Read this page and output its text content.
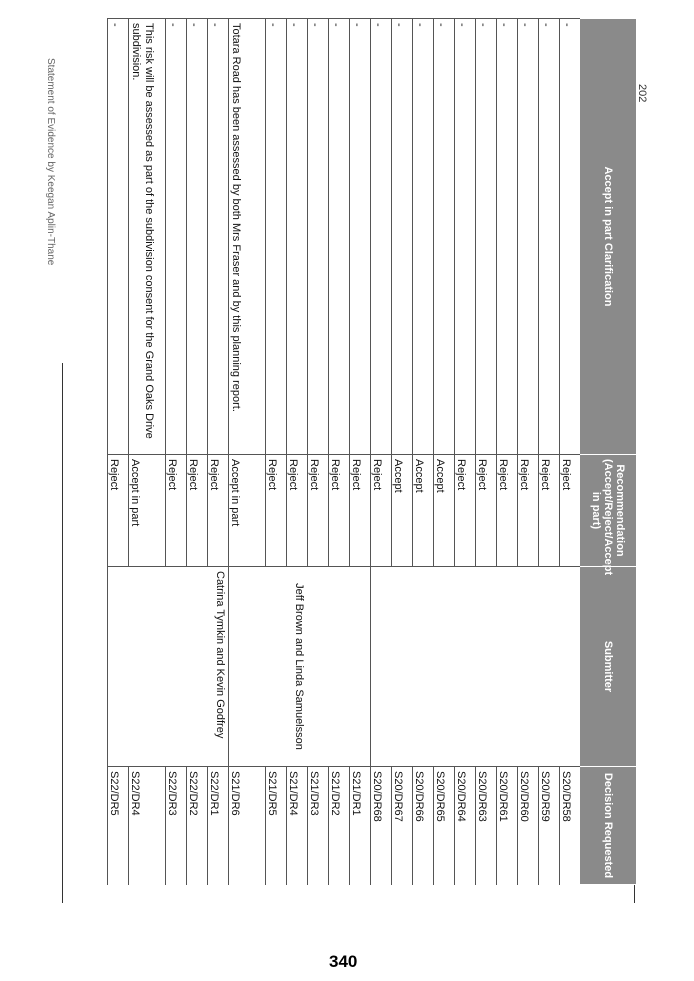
Statement of Evidence by Keegan Aplin-Thane	202
Accept in part Clarification	Recommendation (Accept/Reject/Accept in part)	Submitter	Decision Requested
-	Reject		S20/DR58
-	Reject		S20/DR59
-	Reject		S20/DR60
-	Reject		S20/DR61
-	Reject		S20/DR63
-	Reject		S20/DR64
-	Accept		S20/DR65
-	Accept		S20/DR66
-	Accept		S20/DR67
-	Reject		S20/DR68
-	Reject	Jeff Brown and Linda Samuelsson	S21/DR1
-	Reject		S21/DR2
-	Reject		S21/DR3
-	Reject		S21/DR4
-	Reject		S21/DR5
Totara Road has been assessed by both Mrs Fraser and by this planning report.	Accept in part		S21/DR6
-	Reject	Catrina Tymkin and Kevin Godfrey	S22/DR1
-	Reject		S22/DR2
-	Reject		S22/DR3
This risk will be assessed as part of the subdivision consent for the Grand Oaks Drive subdivision.	Accept in part		S22/DR4
-	Reject		S22/DR5
340
